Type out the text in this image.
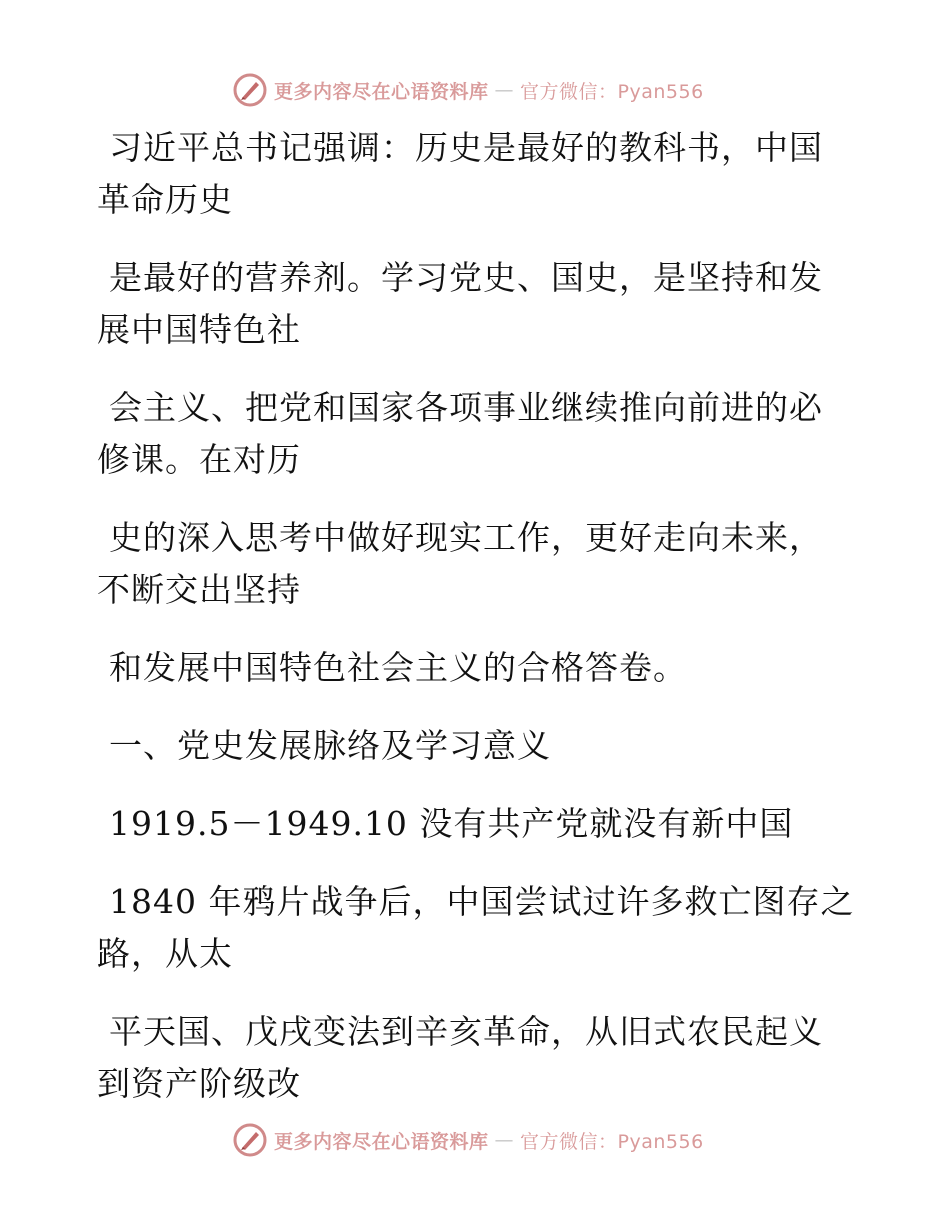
更多内容尽在心语资料库 — 官方微信：Pyan556
习近平总书记强调：历史是最好的教科书，中国
革命历史
是最好的营养剂。学习党史、国史，是坚持和发
展中国特色社
会主义、把党和国家各项事业继续推向前进的必
修课。在对历
史的深入思考中做好现实工作，更好走向未来，
不断交出坚持
和发展中国特色社会主义的合格答卷。
一、党史发展脉络及学习意义
1919.5－1949.10 没有共产党就没有新中国
1840 年鸦片战争后，中国尝试过许多救亡图存之
路，从太
平天国、戊戌变法到辛亥革命，从旧式农民起义
到资产阶级改
更多内容尽在心语资料库 — 官方微信：Pyan556
